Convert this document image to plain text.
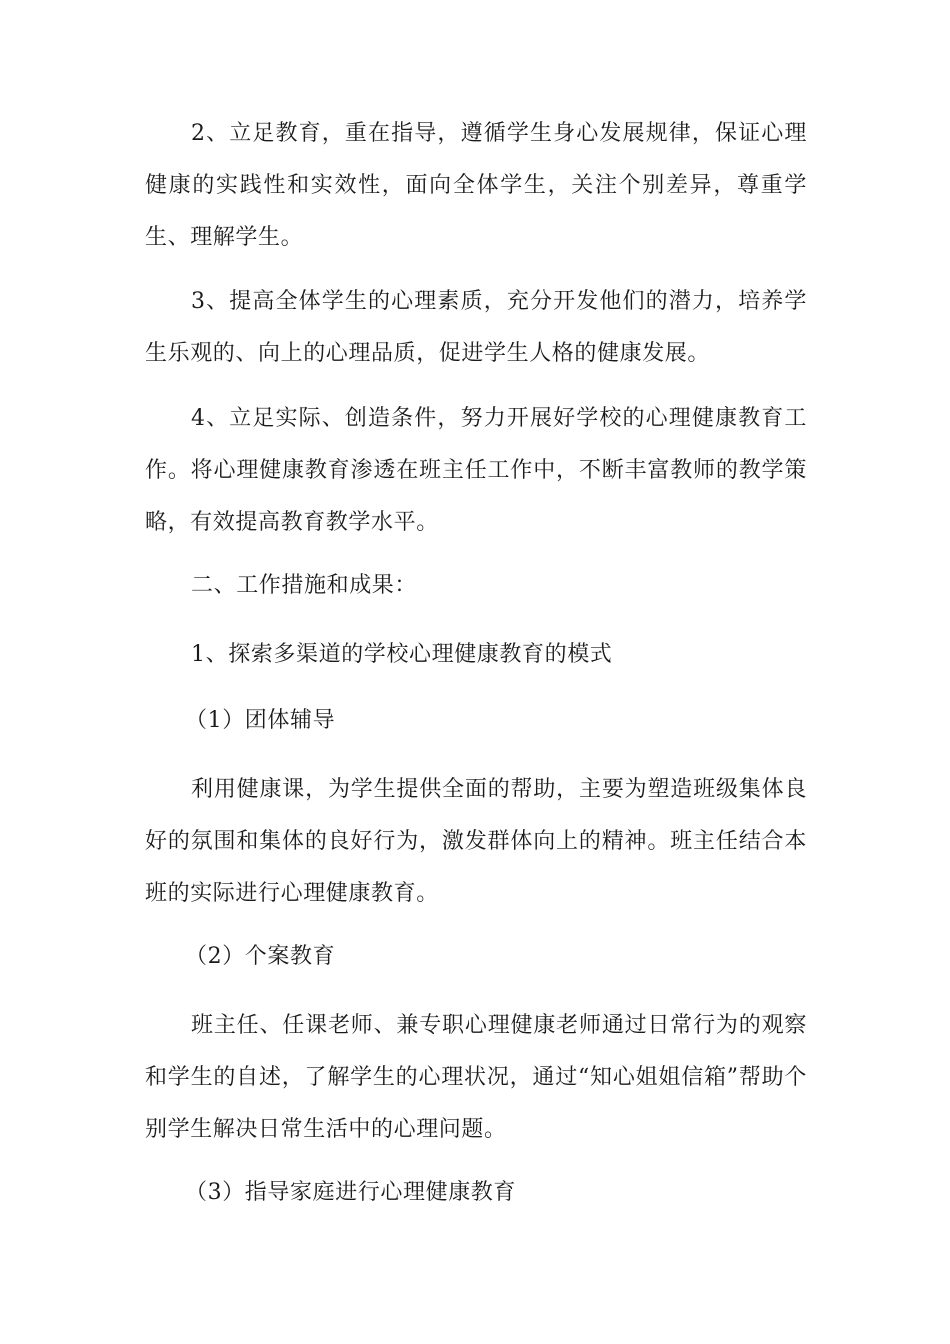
2、立足教育，重在指导，遵循学生身心发展规律，保证心理健康的实践性和实效性，面向全体学生，关注个别差异，尊重学生、理解学生。

3、提高全体学生的心理素质，充分开发他们的潜力，培养学生乐观的、向上的心理品质，促进学生人格的健康发展。

4、立足实际、创造条件，努力开展好学校的心理健康教育工作。将心理健康教育渗透在班主任工作中，不断丰富教师的教学策略，有效提高教育教学水平。

二、工作措施和成果：

1、探索多渠道的学校心理健康教育的模式

（1）团体辅导

利用健康课，为学生提供全面的帮助，主要为塑造班级集体良好的氛围和集体的良好行为，激发群体向上的精神。班主任结合本班的实际进行心理健康教育。

（2）个案教育

班主任、任课老师、兼专职心理健康老师通过日常行为的观察和学生的自述，了解学生的心理状况，通过“知心姐姐信箱”帮助个别学生解决日常生活中的心理问题。

（3）指导家庭进行心理健康教育
